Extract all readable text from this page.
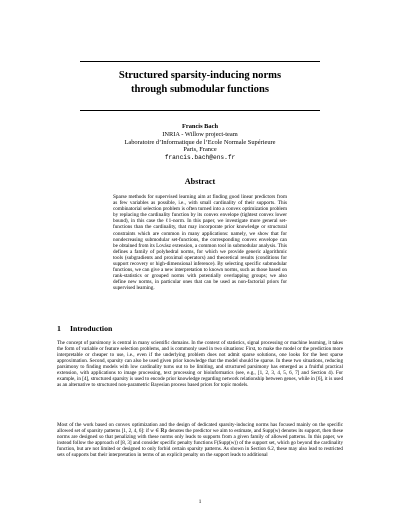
Structured sparsity-inducing norms
through submodular functions
Francis Bach
INRIA - Willow project-team
Laboratoire d’Informatique de l’Ecole Normale Supérieure
Paris, France
francis.bach@ens.fr
Abstract
Sparse methods for supervised learning aim at finding good linear predictors from as few variables as possible, i.e., with small cardinality of their supports. This combinatorial selection problem is often turned into a convex optimization problem by replacing the cardinality function by its convex envelope (tightest convex lower bound), in this case the ℓ1-norm. In this paper, we investigate more general set-functions than the cardinality, that may incorporate prior knowledge or structural constraints which are common in many applications: namely, we show that for nondecreasing submodular set-functions, the corresponding convex envelope can be obtained from its Lovász extension, a common tool in submodular analysis. This defines a family of polyhedral norms, for which we provide generic algorithmic tools (subgradients and proximal operators) and theoretical results (conditions for support recovery or high-dimensional inference). By selecting specific submodular functions, we can give a new interpretation to known norms, such as those based on rank-statistics or grouped norms with potentially overlapping groups; we also define new norms, in particular ones that can be used as non-factorial priors for supervised learning.
1 Introduction
The concept of parsimony is central in many scientific domains. In the context of statistics, signal processing or machine learning, it takes the form of variable or feature selection problems, and is commonly used in two situations: First, to make the model or the prediction more interpretable or cheaper to use, i.e., even if the underlying problem does not admit sparse solutions, one looks for the best sparse approximation. Second, sparsity can also be used given prior knowledge that the model should be sparse. In these two situations, reducing parsimony to finding models with low cardinality turns out to be limiting, and structured parsimony has emerged as a fruitful practical extension, with applications to image processing, text processing or bioinformatics (see, e.g., [1, 2, 3, 4, 5, 6, 7] and Section 4). For example, in [4], structured sparsity is used to encode prior knowledge regarding network relationship between genes, while in [6], it is used as an alternative to structured non-parametric Bayesian process based priors for topic models.
Most of the work based on convex optimization and the design of dedicated sparsity-inducing norms has focused mainly on the specific allowed set of sparsity patterns [1, 2, 4, 6]: if w ∈ ℝp denotes the predictor we aim to estimate, and Supp(w) denotes its support, then these norms are designed so that penalizing with these norms only leads to supports from a given family of allowed patterns. In this paper, we instead follow the approach of [8, 3] and consider specific penalty functions F(Supp(w)) of the support set, which go beyond the cardinality function, but are not limited or designed to only forbid certain sparsity patterns. As shown in Section 6.2, these may also lead to restricted sets of supports but their interpretation in terms of an explicit penalty on the support leads to additional
1
